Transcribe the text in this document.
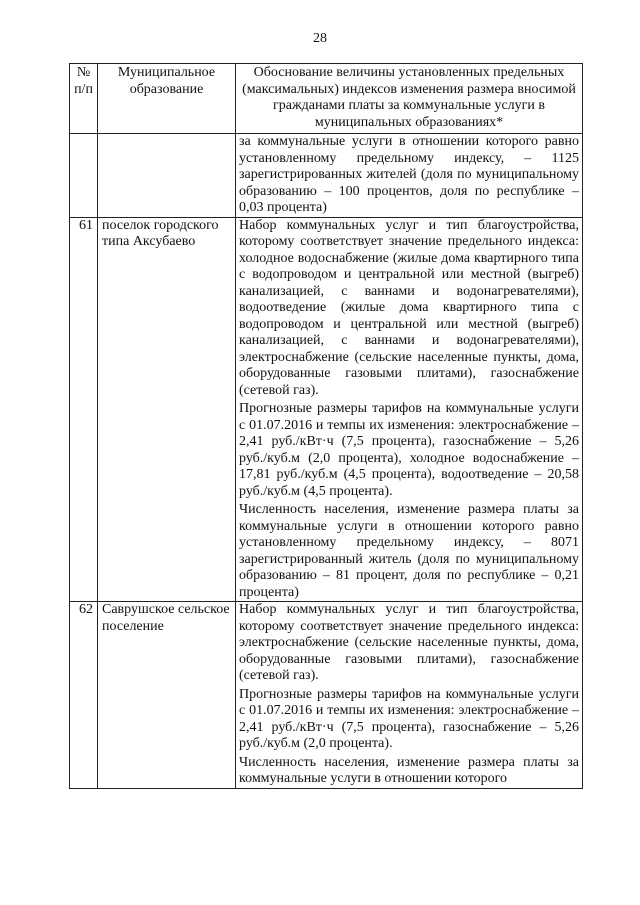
28
№ п/п	Муниципальное образование	Обоснование величины установленных предельных (максимальных) индексов изменения размера вносимой гражданами платы за коммунальные услуги в муниципальных образованиях*

		за коммунальные услуги в отношении которого равно установленному предельному индексу, – 1125 зарегистрированных жителей (доля по муниципальному образованию – 100 процентов, доля по республике – 0,03 процента)

61	поселок городского типа Аксубаево	Набор коммунальных услуг и тип благоустройства, которому соответствует значение предельного индекса: холодное водоснабжение (жилые дома квартирного типа с водопроводом и центральной или местной (выгреб) канализацией, с ваннами и водонагревателями), водоотведение (жилые дома квартирного типа с водопроводом и центральной или местной (выгреб) канализацией, с ваннами и водонагревателями), электроснабжение (сельские населенные пункты, дома, оборудованные газовыми плитами), газоснабжение (сетевой газ).
Прогнозные размеры тарифов на коммунальные услуги с 01.07.2016 и темпы их изменения: электроснабжение – 2,41 руб./кВт·ч (7,5 процента), газоснабжение – 5,26 руб./куб.м (2,0 процента), холодное водоснабжение – 17,81 руб./куб.м (4,5 процента), водоотведение – 20,58 руб./куб.м (4,5 процента).
Численность населения, изменение размера платы за коммунальные услуги в отношении которого равно установленному предельному индексу, – 8071 зарегистрированный житель (доля по муниципальному образованию – 81 процент, доля по республике – 0,21 процента)

62	Саврушское сельское поселение	Набор коммунальных услуг и тип благоустройства, которому соответствует значение предельного индекса: электроснабжение (сельские населенные пункты, дома, оборудованные газовыми плитами), газоснабжение (сетевой газ).
Прогнозные размеры тарифов на коммунальные услуги с 01.07.2016 и темпы их изменения: электроснабжение – 2,41 руб./кВт·ч (7,5 процента), газоснабжение – 5,26 руб./куб.м (2,0 процента).
Численность населения, изменение размера платы за коммунальные услуги в отношении которого
